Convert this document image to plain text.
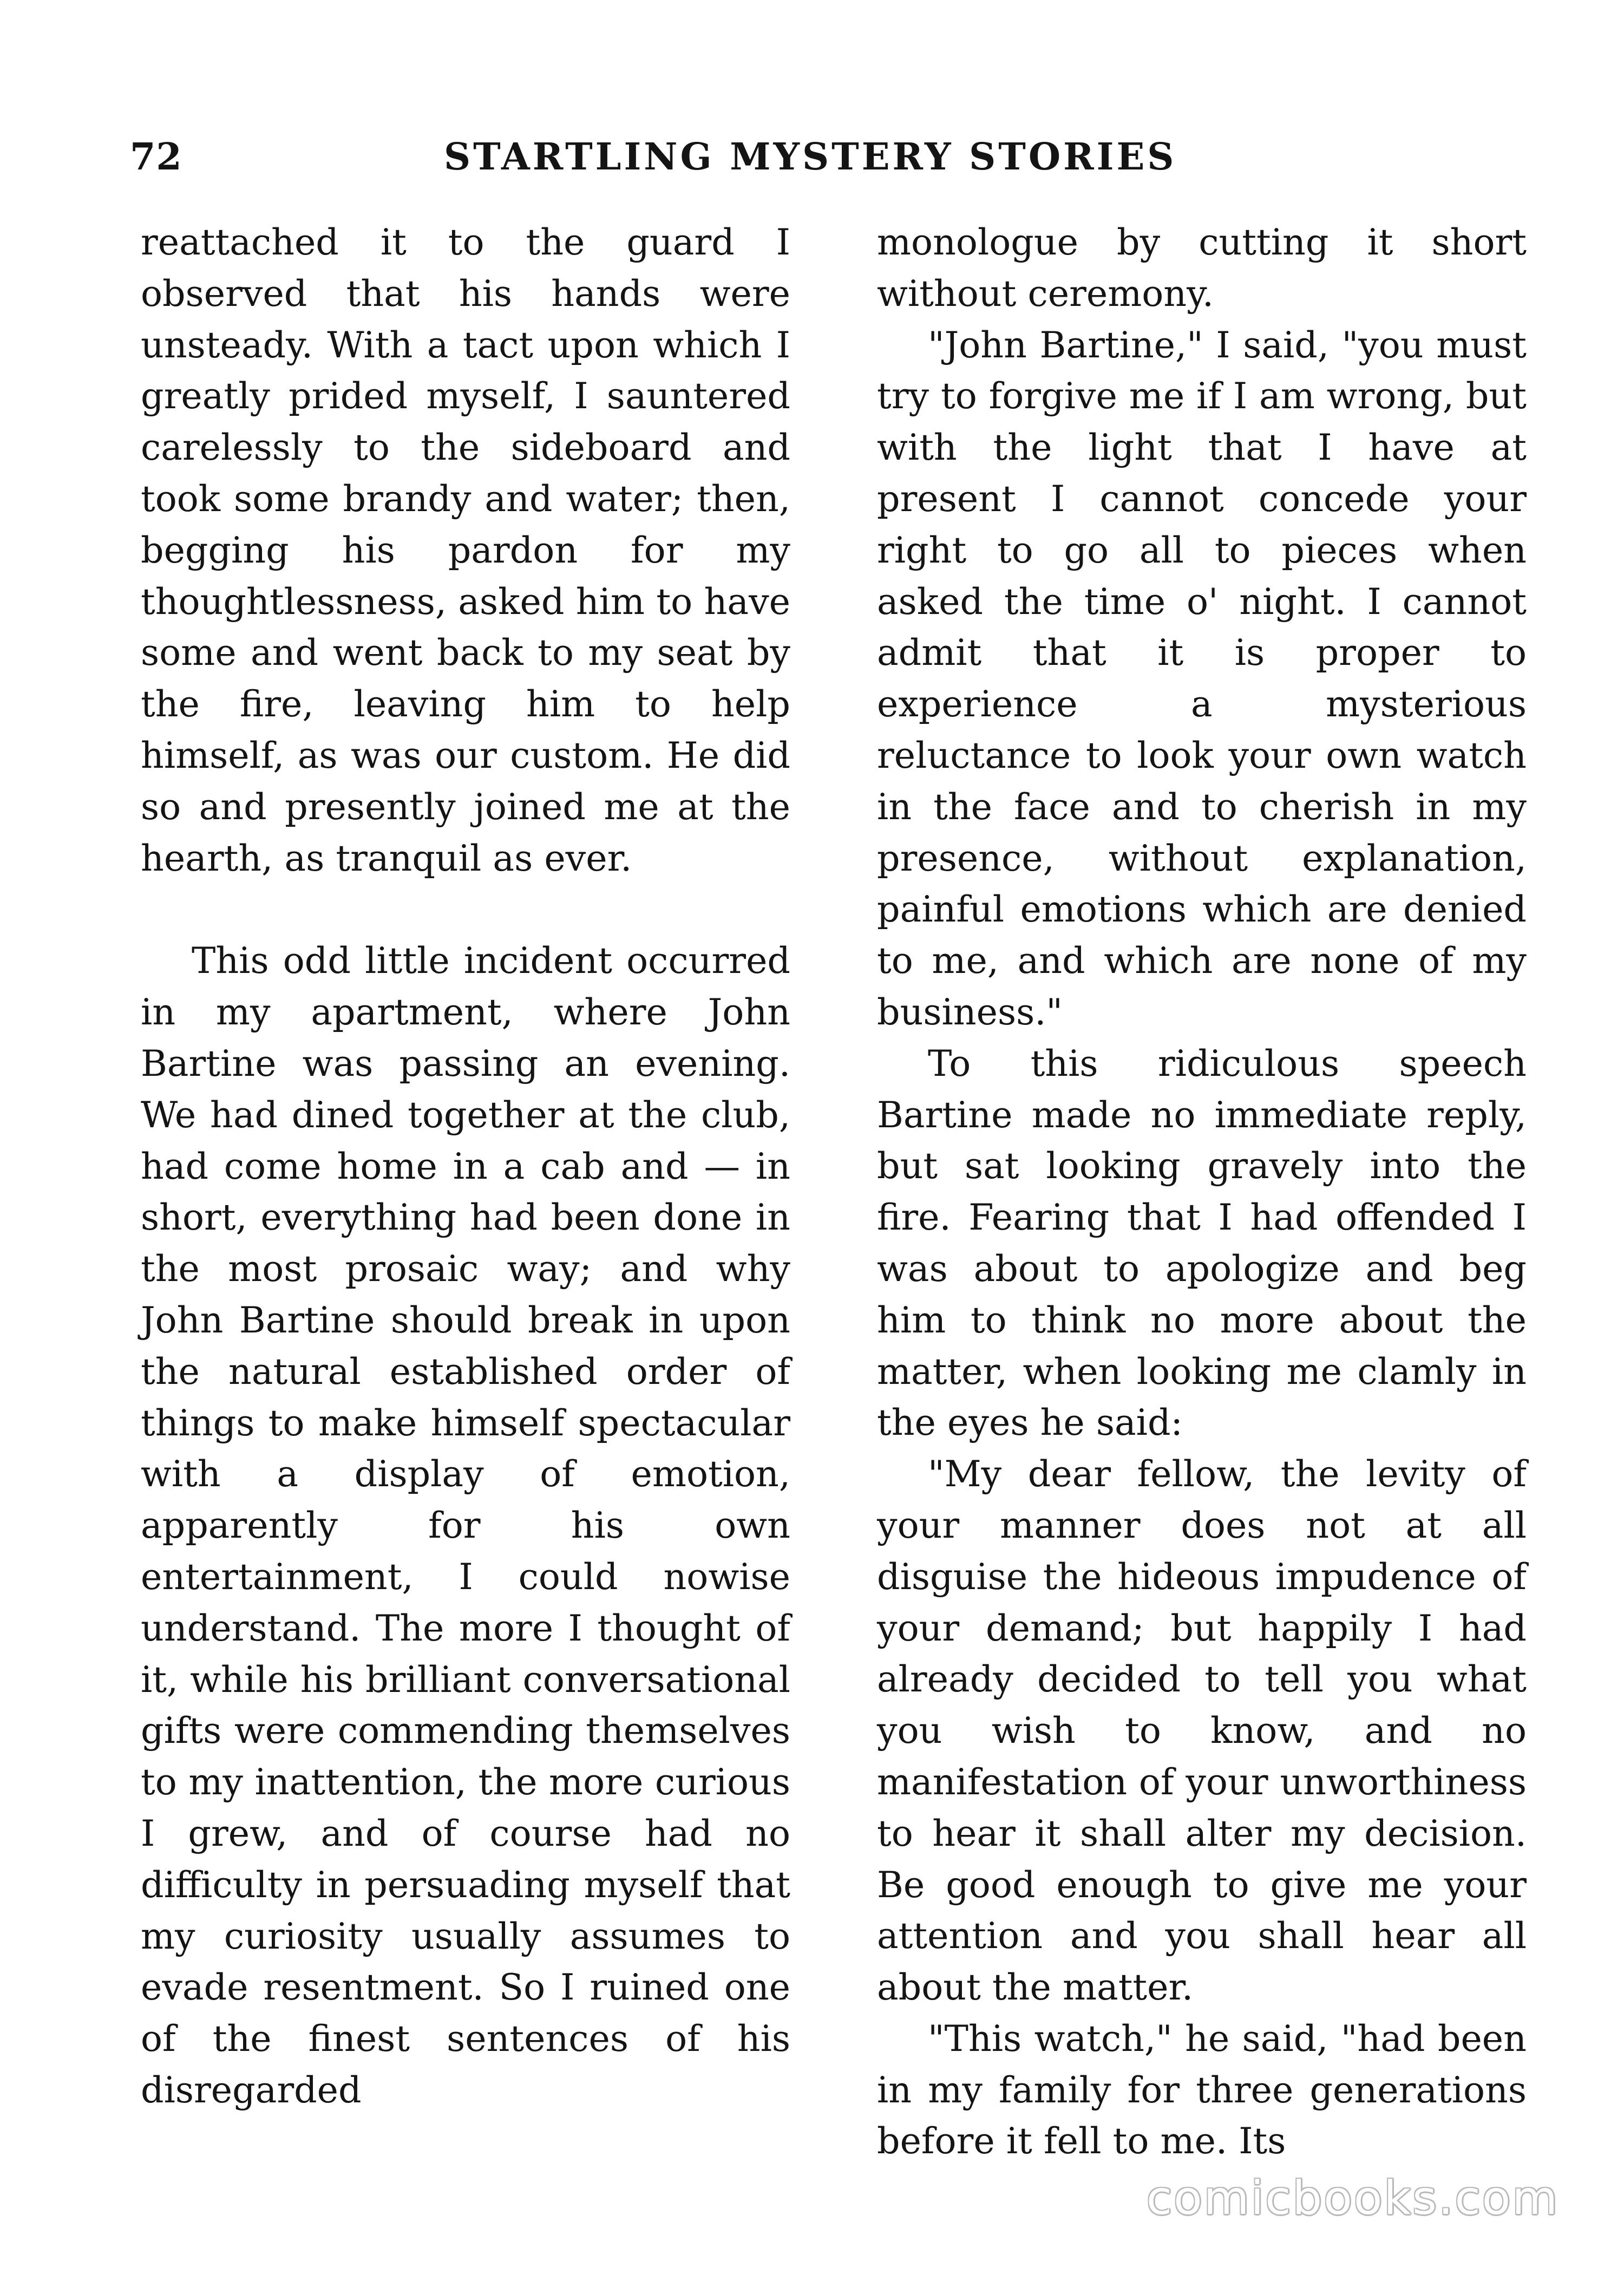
72	STARTLING MYSTERY STORIES

reattached it to the guard I observed that his hands were unsteady. With a tact upon which I greatly prided myself, I sauntered carelessly to the sideboard and took some brandy and water; then, begging his pardon for my thoughtlessness, asked him to have some and went back to my seat by the fire, leaving him to help himself, as was our custom. He did so and presently joined me at the hearth, as tranquil as ever.

This odd little incident occurred in my apartment, where John Bartine was passing an evening. We had dined together at the club, had come home in a cab and — in short, everything had been done in the most prosaic way; and why John Bartine should break in upon the natural established order of things to make himself spectacular with a display of emotion, apparently for his own entertainment, I could nowise understand. The more I thought of it, while his brilliant conversational gifts were commending themselves to my inattention, the more curious I grew, and of course had no difficulty in persuading myself that my curiosity usually assumes to evade resentment. So I ruined one of the finest sentences of his disregarded

monologue by cutting it short without ceremony.

"John Bartine," I said, "you must try to forgive me if I am wrong, but with the light that I have at present I cannot concede your right to go all to pieces when asked the time o' night. I cannot admit that it is proper to experience a mysterious reluctance to look your own watch in the face and to cherish in my presence, without explanation, painful emotions which are denied to me, and which are none of my business."

To this ridiculous speech Bartine made no immediate reply, but sat looking gravely into the fire. Fearing that I had offended I was about to apologize and beg him to think no more about the matter, when looking me clamly in the eyes he said:

"My dear fellow, the levity of your manner does not at all disguise the hideous impudence of your demand; but happily I had already decided to tell you what you wish to know, and no manifestation of your unworthiness to hear it shall alter my decision. Be good enough to give me your attention and you shall hear all about the matter.

"This watch," he said, "had been in my family for three generations before it fell to me. Its

comicbooks.com
